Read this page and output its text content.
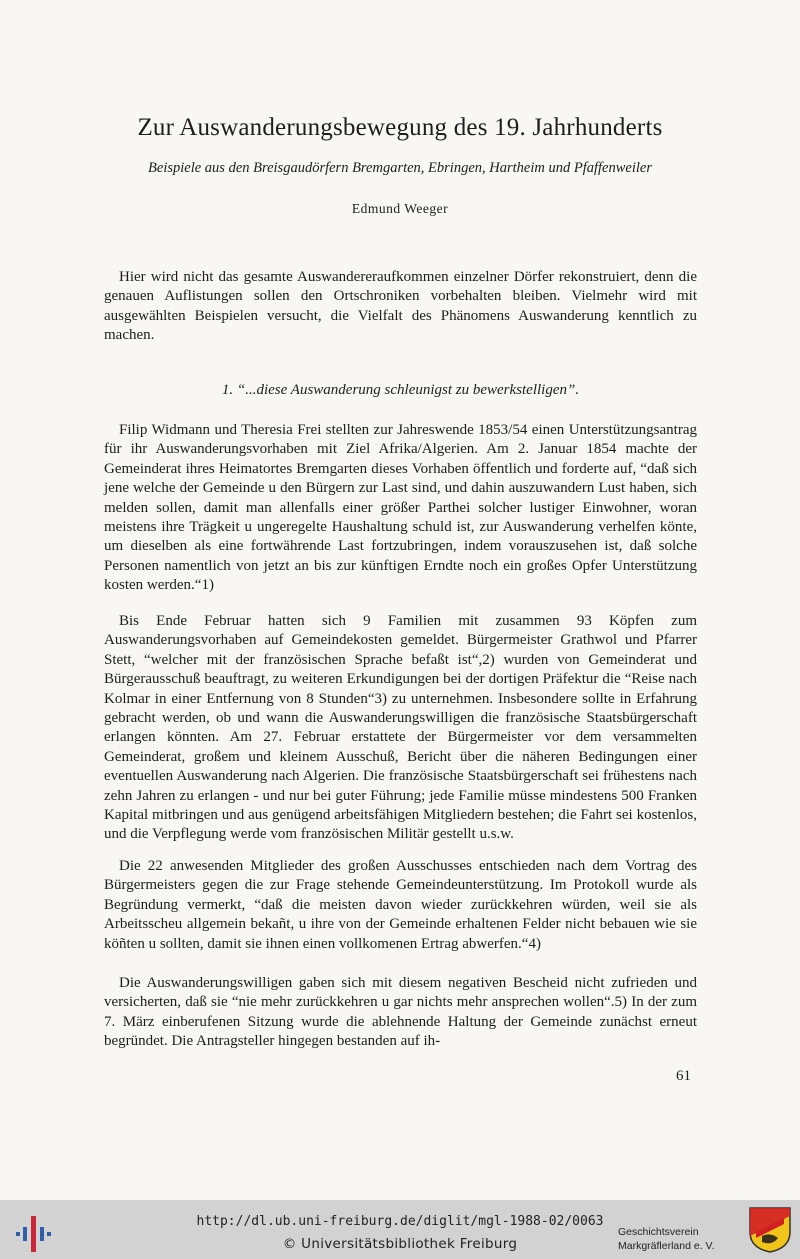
Zur Auswanderungsbewegung des 19. Jahrhunderts
Beispiele aus den Breisgaudörfern Bremgarten, Ebringen, Hartheim und Pfaffenweiler
Edmund Weeger

Hier wird nicht das gesamte Auswandereraufkommen einzelner Dörfer rekonstruiert, denn die genauen Auflistungen sollen den Ortschroniken vorbehalten bleiben. Vielmehr wird mit ausgewählten Beispielen versucht, die Vielfalt des Phänomens Auswanderung kenntlich zu machen.

1. “...diese Auswanderung schleunigst zu bewerkstelligen”.

Filip Widmann und Theresia Frei stellten zur Jahreswende 1853/54 einen Unterstützungsantrag für ihr Auswanderungsvorhaben mit Ziel Afrika/Algerien. Am 2. Januar 1854 machte der Gemeinderat ihres Heimatortes Bremgarten dieses Vorhaben öffentlich und forderte auf, “daß sich jene welche der Gemeinde u den Bürgern zur Last sind, und dahin auszuwandern Lust haben, sich melden sollen, damit man allenfalls einer größer Parthei solcher lustiger Einwohner, woran meistens ihre Trägkeit u ungeregelte Haushaltung schuld ist, zur Auswanderung verhelfen könte, um dieselben als eine fortwährende Last fortzubringen, indem vorauszusehen ist, daß solche Personen namentlich von jetzt an bis zur künftigen Erndte noch ein großes Opfer Unterstützung kosten werden.“1)

Bis Ende Februar hatten sich 9 Familien mit zusammen 93 Köpfen zum Auswanderungsvorhaben auf Gemeindekosten gemeldet. Bürgermeister Grathwol und Pfarrer Stett, “welcher mit der französischen Sprache befaßt ist“,2) wurden von Gemeinderat und Bürgerausschuß beauftragt, zu weiteren Erkundigungen bei der dortigen Präfektur die “Reise nach Kolmar in einer Entfernung von 8 Stunden“3) zu unternehmen. Insbesondere sollte in Erfahrung gebracht werden, ob und wann die Auswanderungswilligen die französische Staatsbürgerschaft erlangen könnten. Am 27. Februar erstattete der Bürgermeister vor dem versammelten Gemeinderat, großem und kleinem Ausschuß, Bericht über die näheren Bedingungen einer eventuellen Auswanderung nach Algerien. Die französische Staatsbürgerschaft sei frühestens nach zehn Jahren zu erlangen - und nur bei guter Führung; jede Familie müsse mindestens 500 Franken Kapital mitbringen und aus genügend arbeitsfähigen Mitgliedern bestehen; die Fahrt sei kostenlos, und die Verpflegung werde vom französischen Militär gestellt u.s.w.

Die 22 anwesenden Mitglieder des großen Ausschusses entschieden nach dem Vortrag des Bürgermeisters gegen die zur Frage stehende Gemeindeunterstützung. Im Protokoll wurde als Begründung vermerkt, “daß die meisten davon wieder zurückkehren würden, weil sie als Arbeitsscheu allgemein bekañt, u ihre von der Gemeinde erhaltenen Felder nicht bebauen wie sie köñten u sollten, damit sie ihnen einen vollkomenen Ertrag abwerfen.“4)

Die Auswanderungswilligen gaben sich mit diesem negativen Bescheid nicht zufrieden und versicherten, daß sie “nie mehr zurückkehren u gar nichts mehr ansprechen wollen“.5) In der zum 7. März einberufenen Sitzung wurde die ablehnende Haltung der Gemeinde zunächst erneut begründet. Die Antragsteller hingegen bestanden auf ih-

61
http://dl.ub.uni-freiburg.de/diglit/mgl-1988-02/0063
© Universitätsbibliothek Freiburg
Geschichtsverein
Markgräflerland e. V.
